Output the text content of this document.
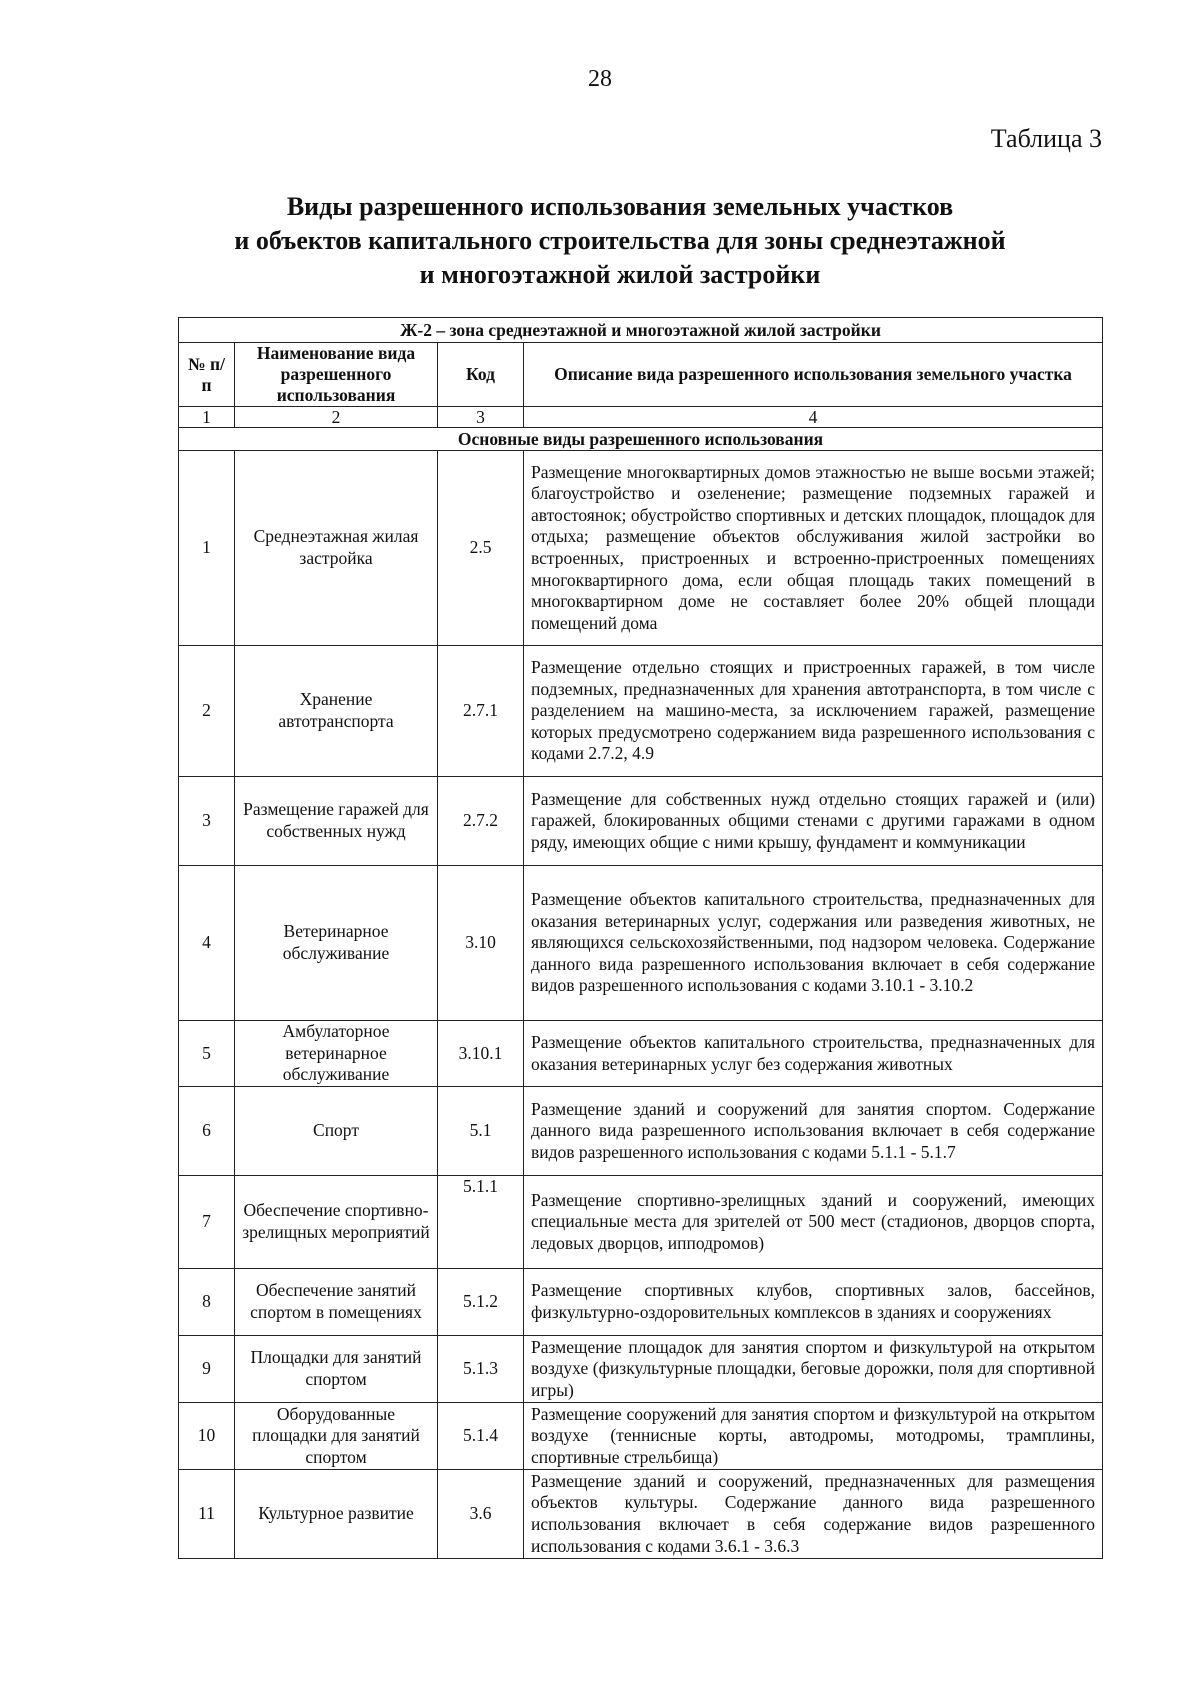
28
Таблица 3
Виды разрешенного использования земельных участков
и объектов капитального строительства для зоны среднеэтажной
и многоэтажной жилой застройки
Ж-2 – зона среднеэтажной и многоэтажной жилой застройки			
№ п/п	Наименование вида разрешенного использования	Код	Описание вида разрешенного использования земельного участка
1	2	3	4
Основные виды разрешенного использования			
1	Среднеэтажная жилая застройка	2.5	Размещение многоквартирных домов этажностью не выше восьми этажей; благоустройство и озеленение; размещение подземных гаражей и автостоянок; обустройство спортивных и детских площадок, площадок для отдыха; размещение объектов обслуживания жилой застройки во встроенных, пристроенных и встроенно-пристроенных помещениях многоквартирного дома, если общая площадь таких помещений в многоквартирном доме не составляет более 20% общей площади помещений дома
2	Хранение автотранспорта	2.7.1	Размещение отдельно стоящих и пристроенных гаражей, в том числе подземных, предназначенных для хранения автотранспорта, в том числе с разделением на машино-места, за исключением гаражей, размещение которых предусмотрено содержанием вида разрешенного использования с кодами 2.7.2, 4.9
3	Размещение гаражей для собственных нужд	2.7.2	Размещение для собственных нужд отдельно стоящих гаражей и (или) гаражей, блокированных общими стенами с другими гаражами в одном ряду, имеющих общие с ними крышу, фундамент и коммуникации
4	Ветеринарное обслуживание	3.10	Размещение объектов капитального строительства, предназначенных для оказания ветеринарных услуг, содержания или разведения животных, не являющихся сельскохозяйственными, под надзором человека. Содержание данного вида разрешенного использования включает в себя содержание видов разрешенного использования с кодами 3.10.1 - 3.10.2
5	Амбулаторное ветеринарное обслуживание	3.10.1	Размещение объектов капитального строительства, предназначенных для оказания ветеринарных услуг без содержания животных
6	Спорт	5.1	Размещение зданий и сооружений для занятия спортом. Содержание данного вида разрешенного использования включает в себя содержание видов разрешенного использования с кодами 5.1.1 - 5.1.7
7	Обеспечение спортивно-зрелищных мероприятий	5.1.1	Размещение спортивно-зрелищных зданий и сооружений, имеющих специальные места для зрителей от 500 мест (стадионов, дворцов спорта, ледовых дворцов, ипподромов)
8	Обеспечение занятий спортом в помещениях	5.1.2	Размещение спортивных клубов, спортивных залов, бассейнов, физкультурно-оздоровительных комплексов в зданиях и сооружениях
9	Площадки для занятий спортом	5.1.3	Размещение площадок для занятия спортом и физкультурой на открытом воздухе (физкультурные площадки, беговые дорожки, поля для спортивной игры)
10	Оборудованные площадки для занятий спортом	5.1.4	Размещение сооружений для занятия спортом и физкультурой на открытом воздухе (теннисные корты, автодромы, мотодромы, трамплины, спортивные стрельбища)
11	Культурное развитие	3.6	Размещение зданий и сооружений, предназначенных для размещения объектов культуры. Содержание данного вида разрешенного использования включает в себя содержание видов разрешенного использования с кодами 3.6.1 - 3.6.3
